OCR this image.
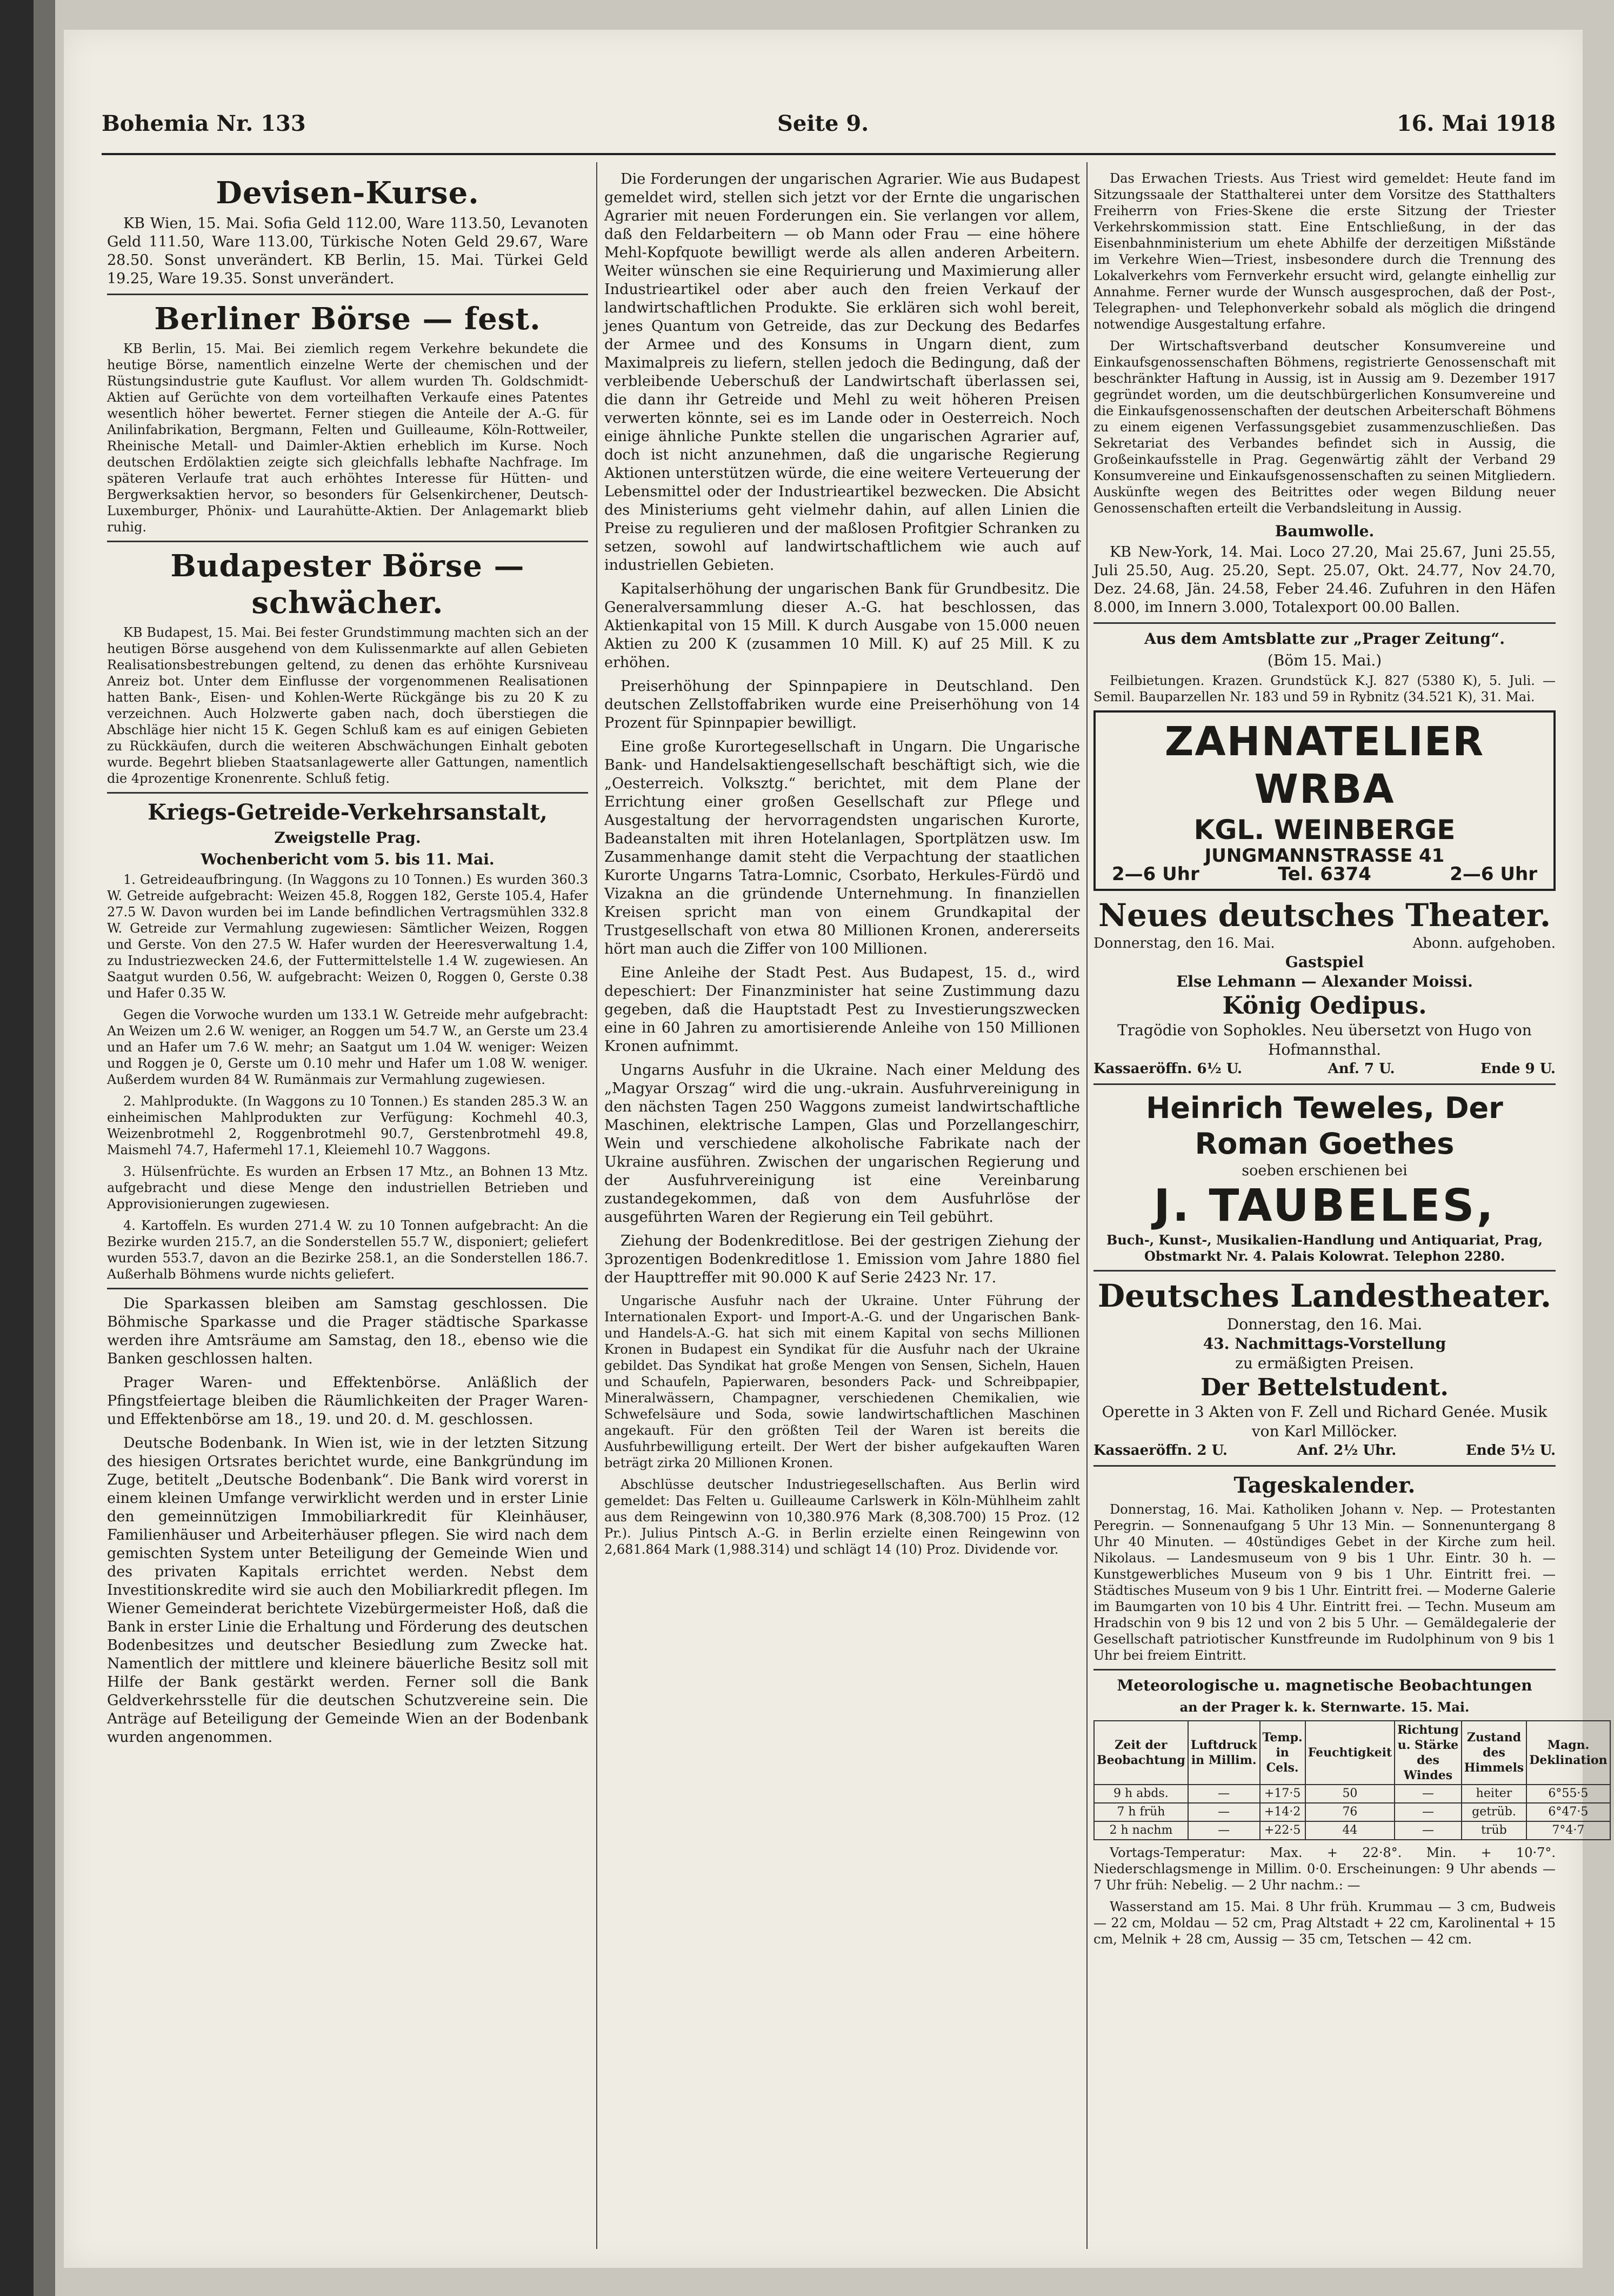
Bohemia Nr. 133	Seite 9.	16. Mai 1918
Devisen-Kurse.

KB Wien, 15. Mai. Sofia Geld 112.00, Ware 113.50, Levanoten Geld 111.50, Ware 113.00, Türkische Noten Geld 29.67, Ware 28.50. Sonst unverändert. KB Berlin, 15. Mai. Türkei Geld 19.25, Ware 19.35. Sonst unverändert.

Berliner Börse — fest.

KB Berlin, 15. Mai. Bei ziemlich regem Verkehre bekundete die heutige Börse, namentlich einzelne Werte der chemischen und der Rüstungsindustrie gute Kauflust. Vor allem wurden Th. Goldschmidt-Aktien auf Gerüchte von dem vorteilhaften Verkaufe eines Patentes wesentlich höher bewertet. Ferner stiegen die Anteile der A.-G. für Anilinfabrikation, Bergmann, Felten und Guilleaume, Köln-Rottweiler, Rheinische Metall- und Daimler-Aktien erheblich im Kurse. Noch deutschen Erdölaktien zeigte sich gleichfalls lebhafte Nachfrage. Im späteren Verlaufe trat auch erhöhtes Interesse für Hütten- und Bergwerksaktien hervor, so besonders für Gelsenkirchener, Deutsch-Luxemburger, Phönix- und Laurahütte-Aktien. Der Anlagemarkt blieb ruhig.

Budapester Börse — schwächer.

KB Budapest, 15. Mai. Bei fester Grundstimmung machten sich an der heutigen Börse ausgehend von dem Kulissenmarkte auf allen Gebieten Realisationsbestrebungen geltend, zu denen das erhöhte Kursniveau Anreiz bot. Unter dem Einflusse der vorgenommenen Realisationen hatten Bank-, Eisen- und Kohlen-Werte Rückgänge bis zu 20 K zu verzeichnen. Auch Holzwerte gaben nach, doch überstiegen die Abschläge hier nicht 15 K. Gegen Schluß kam es auf einigen Gebieten zu Rückkäufen, durch die weiteren Abschwächungen Einhalt geboten wurde. Begehrt blieben Staatsanlagewerte aller Gattungen, namentlich die 4prozentige Kronenrente. Schluß fetig.

Kriegs-Getreide-Verkehrsanstalt,
Zweigstelle Prag.
Wochenbericht vom 5. bis 11. Mai.

1. Getreideaufbringung. (In Waggons zu 10 Tonnen.) Es wurden 360.3 W. Getreide aufgebracht: Weizen 45.8, Roggen 182, Gerste 105.4, Hafer 27.5 W. Davon wurden bei im Lande befindlichen Vertragsmühlen 332.8 W. Getreide zur Vermahlung zugewiesen: Sämtlicher Weizen, Roggen und Gerste. Von den 27.5 W. Hafer wurden der Heeresverwaltung 1.4, zu Industriezwecken 24.6, der Futtermittelstelle 1.4 W. zugewiesen. An Saatgut wurden 0.56, W. aufgebracht: Weizen 0, Roggen 0, Gerste 0.38 und Hafer 0.35 W.

Gegen die Vorwoche wurden um 133.1 W. Getreide mehr aufgebracht: An Weizen um 2.6 W. weniger, an Roggen um 54.7 W., an Gerste um 23.4 und an Hafer um 7.6 W. mehr; an Saatgut um 1.04 W. weniger: Weizen und Roggen je 0, Gerste um 0.10 mehr und Hafer um 1.08 W. weniger. Außerdem wurden 84 W. Rumänmais zur Vermahlung zugewiesen.

2. Mahlprodukte. (In Waggons zu 10 Tonnen.) Es standen 285.3 W. an einheimischen Mahlprodukten zur Verfügung: Kochmehl 40.3, Weizenbrotmehl 2, Roggenbrotmehl 90.7, Gerstenbrotmehl 49.8, Maismehl 74.7, Hafermehl 17.1, Kleiemehl 10.7 Waggons.

3. Hülsenfrüchte. Es wurden an Erbsen 17 Mtz., an Bohnen 13 Mtz. aufgebracht und diese Menge den industriellen Betrieben und Approvisionierungen zugewiesen.

4. Kartoffeln. Es wurden 271.4 W. zu 10 Tonnen aufgebracht: An die Bezirke wurden 215.7, an die Sonderstellen 55.7 W., disponiert; geliefert wurden 553.7, davon an die Bezirke 258.1, an die Sonderstellen 186.7. Außerhalb Böhmens wurde nichts geliefert.

Die Sparkassen bleiben am Samstag geschlossen. Die Böhmische Sparkasse und die Prager städtische Sparkasse werden ihre Amtsräume am Samstag, den 18., ebenso wie die Banken geschlossen halten.

Prager Waren- und Effektenbörse. Anläßlich der Pfingstfeiertage bleiben die Räumlichkeiten der Prager Waren- und Effektenbörse am 18., 19. und 20. d. M. geschlossen.

Deutsche Bodenbank. In Wien ist, wie in der letzten Sitzung des hiesigen Ortsrates berichtet wurde, eine Bankgründung im Zuge, betitelt „Deutsche Bodenbank“. Die Bank wird vorerst in einem kleinen Umfange verwirklicht werden und in erster Linie den gemeinnützigen Immobiliarkredit für Kleinhäuser, Familienhäuser und Arbeiterhäuser pflegen. Sie wird nach dem gemischten System unter Beteiligung der Gemeinde Wien und des privaten Kapitals errichtet werden. Nebst dem Investitionskredite wird sie auch den Mobiliarkredit pflegen. Im Wiener Gemeinderat berichtete Vizebürgermeister Hoß, daß die Bank in erster Linie die Erhaltung und Förderung des deutschen Bodenbesitzes und deutscher Besiedlung zum Zwecke hat. Namentlich der mittlere und kleinere bäuerliche Besitz soll mit Hilfe der Bank gestärkt werden. Ferner soll die Bank Geldverkehrsstelle für die deutschen Schutzvereine sein. Die Anträge auf Beteiligung der Gemeinde Wien an der Bodenbank wurden angenommen.

Die Forderungen der ungarischen Agrarier. Wie aus Budapest gemeldet wird, stellen sich jetzt vor der Ernte die ungarischen Agrarier mit neuen Forderungen ein. Sie verlangen vor allem, daß den Feldarbeitern — ob Mann oder Frau — eine höhere Mehl-Kopfquote bewilligt werde als allen anderen Arbeitern. Weiter wünschen sie eine Requirierung und Maximierung aller Industrieartikel oder aber auch den freien Verkauf der landwirtschaftlichen Produkte. Sie erklären sich wohl bereit, jenes Quantum von Getreide, das zur Deckung des Bedarfes der Armee und des Konsums in Ungarn dient, zum Maximalpreis zu liefern, stellen jedoch die Bedingung, daß der verbleibende Ueberschuß der Landwirtschaft überlassen sei, die dann ihr Getreide und Mehl zu weit höheren Preisen verwerten könnte, sei es im Lande oder in Oesterreich. Noch einige ähnliche Punkte stellen die ungarischen Agrarier auf, doch ist nicht anzunehmen, daß die ungarische Regierung Aktionen unterstützen würde, die eine weitere Verteuerung der Lebensmittel oder der Industrieartikel bezwecken. Die Absicht des Ministeriums geht vielmehr dahin, auf allen Linien die Preise zu regulieren und der maßlosen Profitgier Schranken zu setzen, sowohl auf landwirtschaftlichem wie auch auf industriellen Gebieten.

Kapitalserhöhung der ungarischen Bank für Grundbesitz. Die Generalversammlung dieser A.-G. hat beschlossen, das Aktienkapital von 15 Mill. K durch Ausgabe von 15.000 neuen Aktien zu 200 K (zusammen 10 Mill. K) auf 25 Mill. K zu erhöhen.

Preiserhöhung der Spinnpapiere in Deutschland. Den deutschen Zellstoffabriken wurde eine Preiserhöhung von 14 Prozent für Spinnpapier bewilligt.

Eine große Kurortegesellschaft in Ungarn. Die Ungarische Bank- und Handelsaktiengesellschaft beschäftigt sich, wie die „Oesterreich. Volksztg.“ berichtet, mit dem Plane der Errichtung einer großen Gesellschaft zur Pflege und Ausgestaltung der hervorragendsten ungarischen Kurorte, Badeanstalten mit ihren Hotelanlagen, Sportplätzen usw. Im Zusammenhange damit steht die Verpachtung der staatlichen Kurorte Ungarns Tatra-Lomnic, Csorbato, Herkules-Fürdö und Vizakna an die gründende Unternehmung. In finanziellen Kreisen spricht man von einem Grundkapital der Trustgesellschaft von etwa 80 Millionen Kronen, andererseits hört man auch die Ziffer von 100 Millionen.

Eine Anleihe der Stadt Pest. Aus Budapest, 15. d., wird depeschiert: Der Finanzminister hat seine Zustimmung dazu gegeben, daß die Hauptstadt Pest zu Investierungszwecken eine in 60 Jahren zu amortisierende Anleihe von 150 Millionen Kronen aufnimmt.

Ungarns Ausfuhr in die Ukraine. Nach einer Meldung des „Magyar Orszag“ wird die ung.-ukrain. Ausfuhrvereinigung in den nächsten Tagen 250 Waggons zumeist landwirtschaftliche Maschinen, elektrische Lampen, Glas und Porzellangeschirr, Wein und verschiedene alkoholische Fabrikate nach der Ukraine ausführen. Zwischen der ungarischen Regierung und der Ausfuhrvereinigung ist eine Vereinbarung zustandegekommen, daß von dem Ausfuhrlöse der ausgeführten Waren der Regierung ein Teil gebührt.

Ziehung der Bodenkreditlose. Bei der gestrigen Ziehung der 3prozentigen Bodenkreditlose 1. Emission vom Jahre 1880 fiel der Haupttreffer mit 90.000 K auf Serie 2423 Nr. 17.

Ungarische Ausfuhr nach der Ukraine. Unter Führung der Internationalen Export- und Import-A.-G. und der Ungarischen Bank- und Handels-A.-G. hat sich mit einem Kapital von sechs Millionen Kronen in Budapest ein Syndikat für die Ausfuhr nach der Ukraine gebildet. Das Syndikat hat große Mengen von Sensen, Sicheln, Hauen und Schaufeln, Papierwaren, besonders Pack- und Schreibpapier, Mineralwässern, Champagner, verschiedenen Chemikalien, wie Schwefelsäure und Soda, sowie landwirtschaftlichen Maschinen angekauft. Für den größten Teil der Waren ist bereits die Ausfuhrbewilligung erteilt. Der Wert der bisher aufgekauften Waren beträgt zirka 20 Millionen Kronen.

Abschlüsse deutscher Industriegesellschaften. Aus Berlin wird gemeldet: Das Felten u. Guilleaume Carlswerk in Köln-Mühlheim zahlt aus dem Reingewinn von 10,380.976 Mark (8,308.700) 15 Proz. (12 Pr.). Julius Pintsch A.-G. in Berlin erzielte einen Reingewinn von 2,681.864 Mark (1,988.314) und schlägt 14 (10) Proz. Dividende vor.

Das Erwachen Triests. Aus Triest wird gemeldet: Heute fand im Sitzungssaale der Statthalterei unter dem Vorsitze des Statthalters Freiherrn von Fries-Skene die erste Sitzung der Triester Verkehrskommission statt. Eine Entschließung, in der das Eisenbahnministerium um ehete Abhilfe der derzeitigen Mißstände im Verkehre Wien—Triest, insbesondere durch die Trennung des Lokalverkehrs vom Fernverkehr ersucht wird, gelangte einhellig zur Annahme. Ferner wurde der Wunsch ausgesprochen, daß der Post-, Telegraphen- und Telephonverkehr sobald als möglich die dringend notwendige Ausgestaltung erfahre.

Der Wirtschaftsverband deutscher Konsumvereine und Einkaufsgenossenschaften Böhmens, registrierte Genossenschaft mit beschränkter Haftung in Aussig, ist in Aussig am 9. Dezember 1917 gegründet worden, um die deutschbürgerlichen Konsumvereine und die Einkaufsgenossenschaften der deutschen Arbeiterschaft Böhmens zu einem eigenen Verfassungsgebiet zusammenzuschließen. Das Sekretariat des Verbandes befindet sich in Aussig, die Großeinkaufsstelle in Prag. Gegenwärtig zählt der Verband 29 Konsumvereine und Einkaufsgenossenschaften zu seinen Mitgliedern. Auskünfte wegen des Beitrittes oder wegen Bildung neuer Genossenschaften erteilt die Verbandsleitung in Aussig.

Baumwolle.

KB New-York, 14. Mai. Loco 27.20, Mai 25.67, Juni 25.55, Juli 25.50, Aug. 25.20, Sept. 25.07, Okt. 24.77, Nov 24.70, Dez. 24.68, Jän. 24.58, Feber 24.46. Zufuhren in den Häfen 8.000, im Innern 3.000, Totalexport 00.00 Ballen.

Aus dem Amtsblatte zur „Prager Zeitung“.
(Böm 15. Mai.)

Feilbietungen. Krazen. Grundstück K.J. 827 (5380 K), 5. Juli. — Semil. Bauparzellen Nr. 183 und 59 in Rybnitz (34.521 K), 31. Mai.

ZAHNATELIER WRBA
KGL. WEINBERGE
JUNGMANNSTRASSE 41
2—6 Uhr	Tel. 6374	2—6 Uhr
Neues deutsches Theater.
Donnerstag, den 16. Mai.	Abonn. aufgehoben.
Gastspiel
Else Lehmann — Alexander Moissi.
König Oedipus.
Tragödie von Sophokles. Neu übersetzt von Hugo von Hofmannsthal.
Kassaeröffn. 6½ U.	Anf. 7 U.	Ende 9 U.
Heinrich Teweles, Der Roman Goethes
soeben erschienen bei
J. TAUBELES,
Buch-, Kunst-, Musikalien-Handlung und Antiquariat, Prag, Obstmarkt Nr. 4. Palais Kolowrat. Telephon 2280.
Deutsches Landestheater.
Donnerstag, den 16. Mai.
43. Nachmittags-Vorstellung
zu ermäßigten Preisen.
Der Bettelstudent.
Operette in 3 Akten von F. Zell und Richard Genée. Musik von Karl Millöcker.
Kassaeröffn. 2 U.	Anf. 2½ Uhr.	Ende 5½ U.
Tageskalender.

Donnerstag, 16. Mai. Katholiken Johann v. Nep. — Protestanten Peregrin. — Sonnenaufgang 5 Uhr 13 Min. — Sonnenuntergang 8 Uhr 40 Minuten. — 40stündiges Gebet in der Kirche zum heil. Nikolaus. — Landesmuseum von 9 bis 1 Uhr. Eintr. 30 h. — Kunstgewerbliches Museum von 9 bis 1 Uhr. Eintritt frei. — Städtisches Museum von 9 bis 1 Uhr. Eintritt frei. — Moderne Galerie im Baumgarten von 10 bis 4 Uhr. Eintritt frei. — Techn. Museum am Hradschin von 9 bis 12 und von 2 bis 5 Uhr. — Gemäldegalerie der Gesellschaft patriotischer Kunstfreunde im Rudolphinum von 9 bis 1 Uhr bei freiem Eintritt.

Meteorologische u. magnetische Beobachtungen
an der Prager k. k. Sternwarte. 15. Mai.
Zeit der Beobachtung	Luftdruck in Millim.	Temp. in Cels.	Feuchtigkeit	Richtung u. Stärke des Windes	Zustand des Himmels	Magn. Deklination
9 h abds.	—	+17·5	50	—	heiter	6°55·5
7 h früh	—	+14·2	76	—	getrüb.	6°47·5
2 h nachm	—	+22·5	44	—	trüb	7°4·7

Vortags-Temperatur: Max. + 22·8°. Min. + 10·7°. Niederschlagsmenge in Millim. 0·0. Erscheinungen: 9 Uhr abends — 7 Uhr früh: Nebelig. — 2 Uhr nachm.: —

Wasserstand am 15. Mai. 8 Uhr früh. Krummau — 3 cm, Budweis — 22 cm, Moldau — 52 cm, Prag Altstadt + 22 cm, Karolinental + 15 cm, Melnik + 28 cm, Aussig — 35 cm, Tetschen — 42 cm.
